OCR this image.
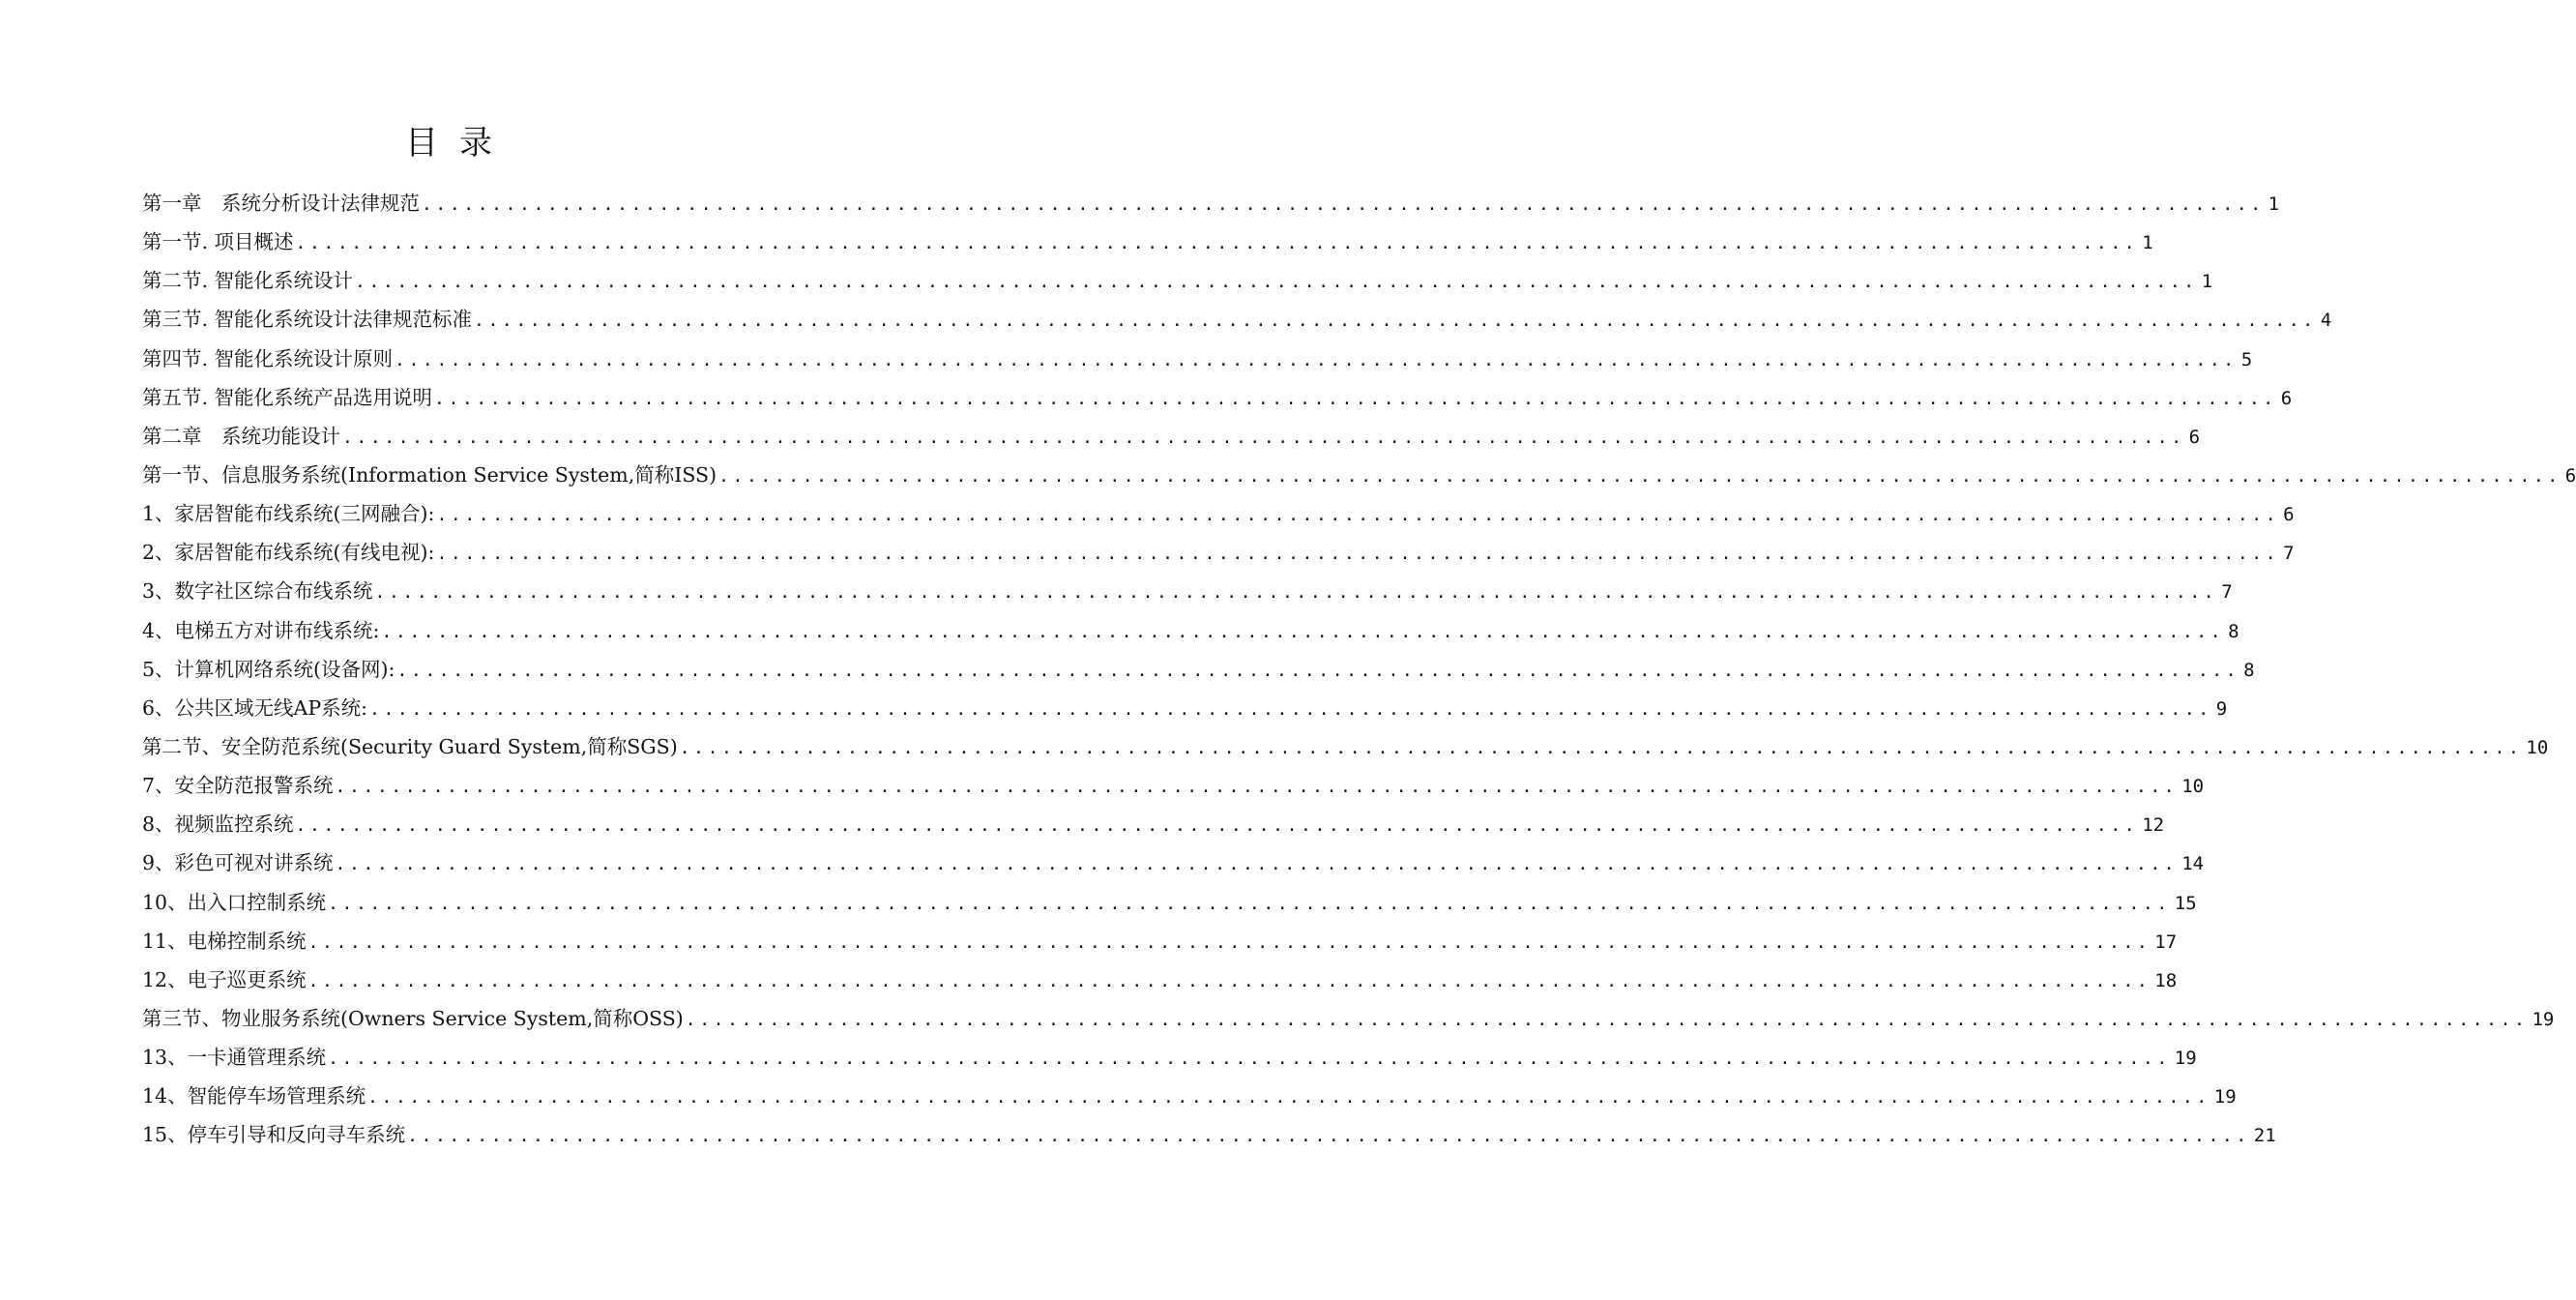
目录
第一章　系统分析设计法律规范 .....	1
第一节. 项目概述 .....	1
第二节. 智能化系统设计 .....	1
第三节. 智能化系统设计法律规范标准 .....	4
第四节. 智能化系统设计原则 .....	5
第五节. 智能化系统产品选用说明 .....	6
第二章　系统功能设计 .....	6
第一节、信息服务系统(Information Service System,简称ISS) .....	6
1、家居智能布线系统(三网融合): .....	6
2、家居智能布线系统(有线电视): .....	7
3、数字社区综合布线系统 .....	7
4、电梯五方对讲布线系统: .....	8
5、计算机网络系统(设备网): .....	8
6、公共区域无线AP系统: .....	9
第二节、安全防范系统(Security Guard System,简称SGS) .....	10
7、安全防范报警系统 .....	10
8、视频监控系统 .....	12
9、彩色可视对讲系统 .....	14
10、出入口控制系统 .....	15
11、电梯控制系统 .....	17
12、电子巡更系统 .....	18
第三节、物业服务系统(Owners Service System,简称OSS) .....	19
13、一卡通管理系统 .....	19
14、智能停车场管理系统 .....	19
15、停车引导和反向寻车系统 .....	21
